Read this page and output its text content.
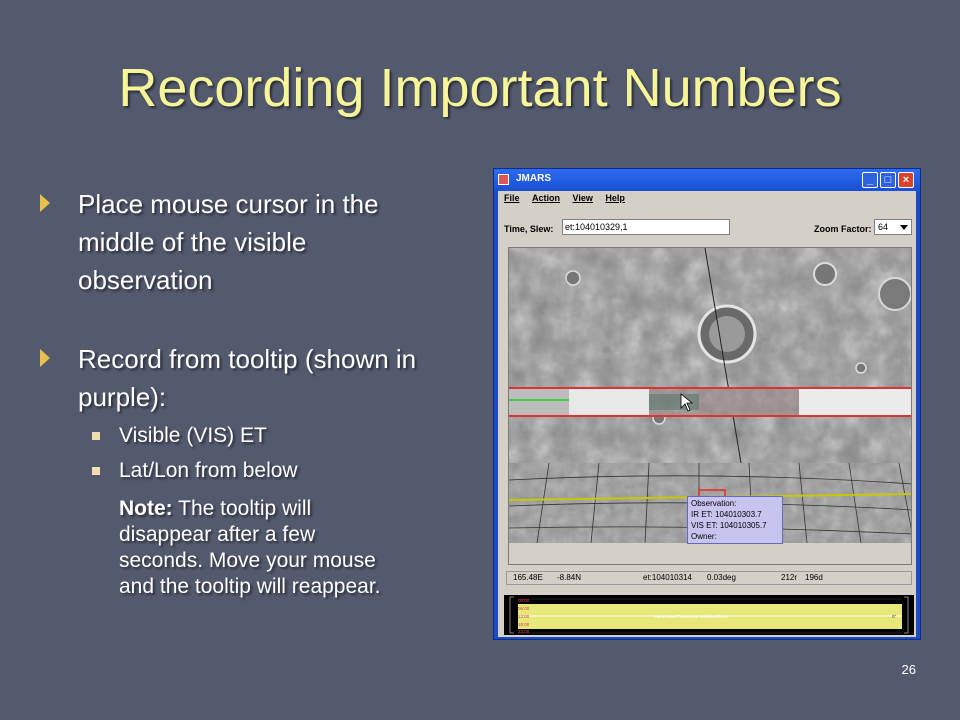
Recording Important Numbers
Place mouse cursor in the middle of the visible observation
Record from tooltip (shown in purple):
Visible (VIS) ET
Lat/Lon from below
Note: The tooltip will disappear after a few seconds. Move your mouse and the tooltip will reappear.
26
JMARS	_	□	×
File Action View Help
Time, Slew:	et:104010329,1	Zoom Factor: 64
Observation:
IR ET: 104010303.7
VIS ET: 104010305.7
Owner:
165.48E -8.84N	et:104010314 0.03deg	212r 196d
00:00
06:00
12:00
18:00
24:00
Mars Local Time/Solar Incident Ratio	0°
